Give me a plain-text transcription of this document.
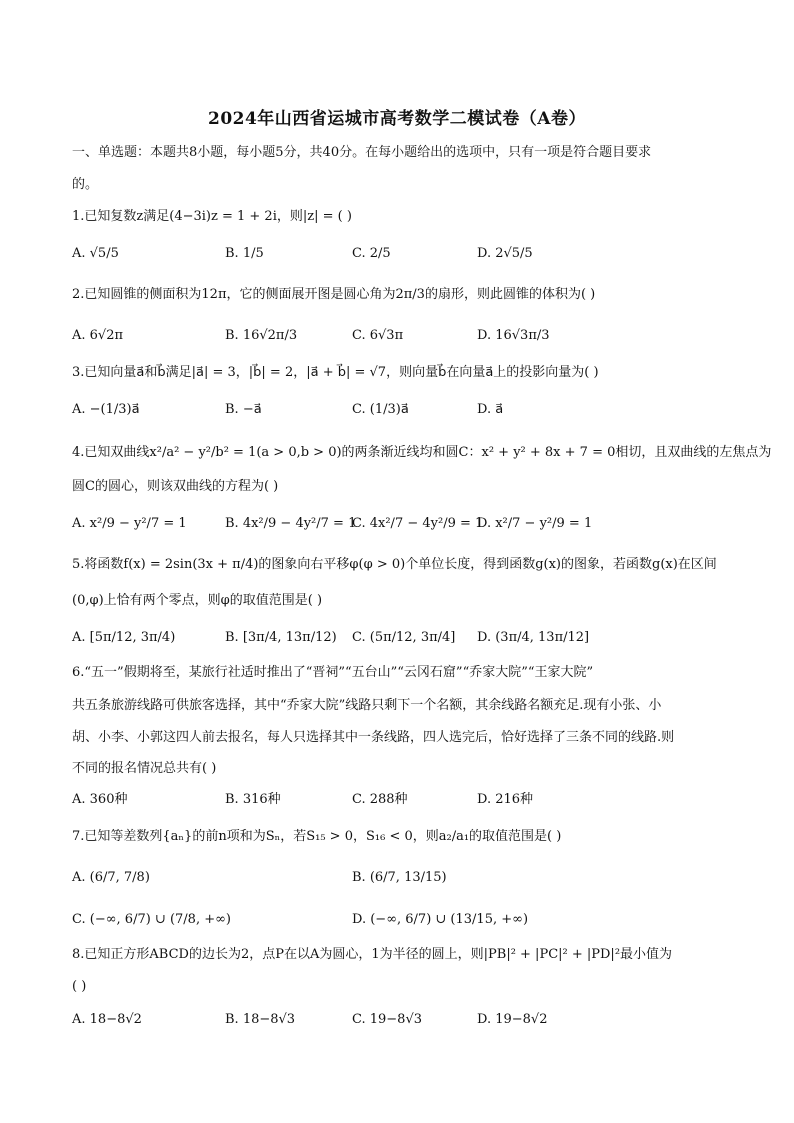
2024年山西省运城市高考数学二模试卷（A卷）
一、单选题：本题共8小题，每小题5分，共40分。在每小题给出的选项中，只有一项是符合题目要求
的。
1.已知复数z满足(4−3i)z = 1 + 2i，则|z| = ( )
A. √5/5	B. 1/5	C. 2/5	D. 2√5/5
2.已知圆锥的侧面积为12π，它的侧面展开图是圆心角为2π/3的扇形，则此圆锥的体积为( )
A. 6√2π	B. 16√2π/3	C. 6√3π	D. 16√3π/3
3.已知向量a⃗和b⃗满足|a⃗| = 3，|b⃗| = 2，|a⃗ + b⃗| = √7，则向量b⃗在向量a⃗上的投影向量为( )
A. −(1/3)a⃗	B. −a⃗	C. (1/3)a⃗	D. a⃗
4.已知双曲线x²/a² − y²/b² = 1(a > 0,b > 0)的两条渐近线均和圆C：x² + y² + 8x + 7 = 0相切，且双曲线的左焦点为
圆C的圆心，则该双曲线的方程为( )
A. x²/9 − y²/7 = 1	B. 4x²/9 − 4y²/7 = 1
C. 4x²/7 − 4y²/9 = 1
D. x²/7 − y²/9 = 1
5.将函数f(x) = 2sin(3x + π/4)的图象向右平移φ(φ > 0)个单位长度，得到函数g(x)的图象，若函数g(x)在区间
(0,φ)上恰有两个零点，则φ的取值范围是( )
A. [5π/12, 3π/4)	B. [3π/4, 13π/12) C. (5π/12, 3π/4] D. (3π/4, 13π/12]
6.“五一”假期将至，某旅行社适时推出了“晋祠”“五台山”“云冈石窟”“乔家大院”“王家大院”
共五条旅游线路可供旅客选择，其中“乔家大院”线路只剩下一个名额，其余线路名额充足.现有小张、小
胡、小李、小郭这四人前去报名，每人只选择其中一条线路，四人选完后，恰好选择了三条不同的线路.则
不同的报名情况总共有( )
A. 360种	B. 316种	C. 288种	D. 216种
7.已知等差数列{aₙ}的前n项和为Sₙ，若S₁₅ > 0，S₁₆ < 0，则a₂/a₁的取值范围是( )
A. (6/7, 7/8)	B. (6/7, 13/15)
C. (−∞, 6/7) ∪ (7/8, +∞)	D. (−∞, 6/7) ∪ (13/15, +∞)
8.已知正方形ABCD的边长为2，点P在以A为圆心，1为半径的圆上，则|PB|² + |PC|² + |PD|²最小值为
( )
A. 18−8√2	B. 18−8√3	C. 19−8√3	D. 19−8√2
